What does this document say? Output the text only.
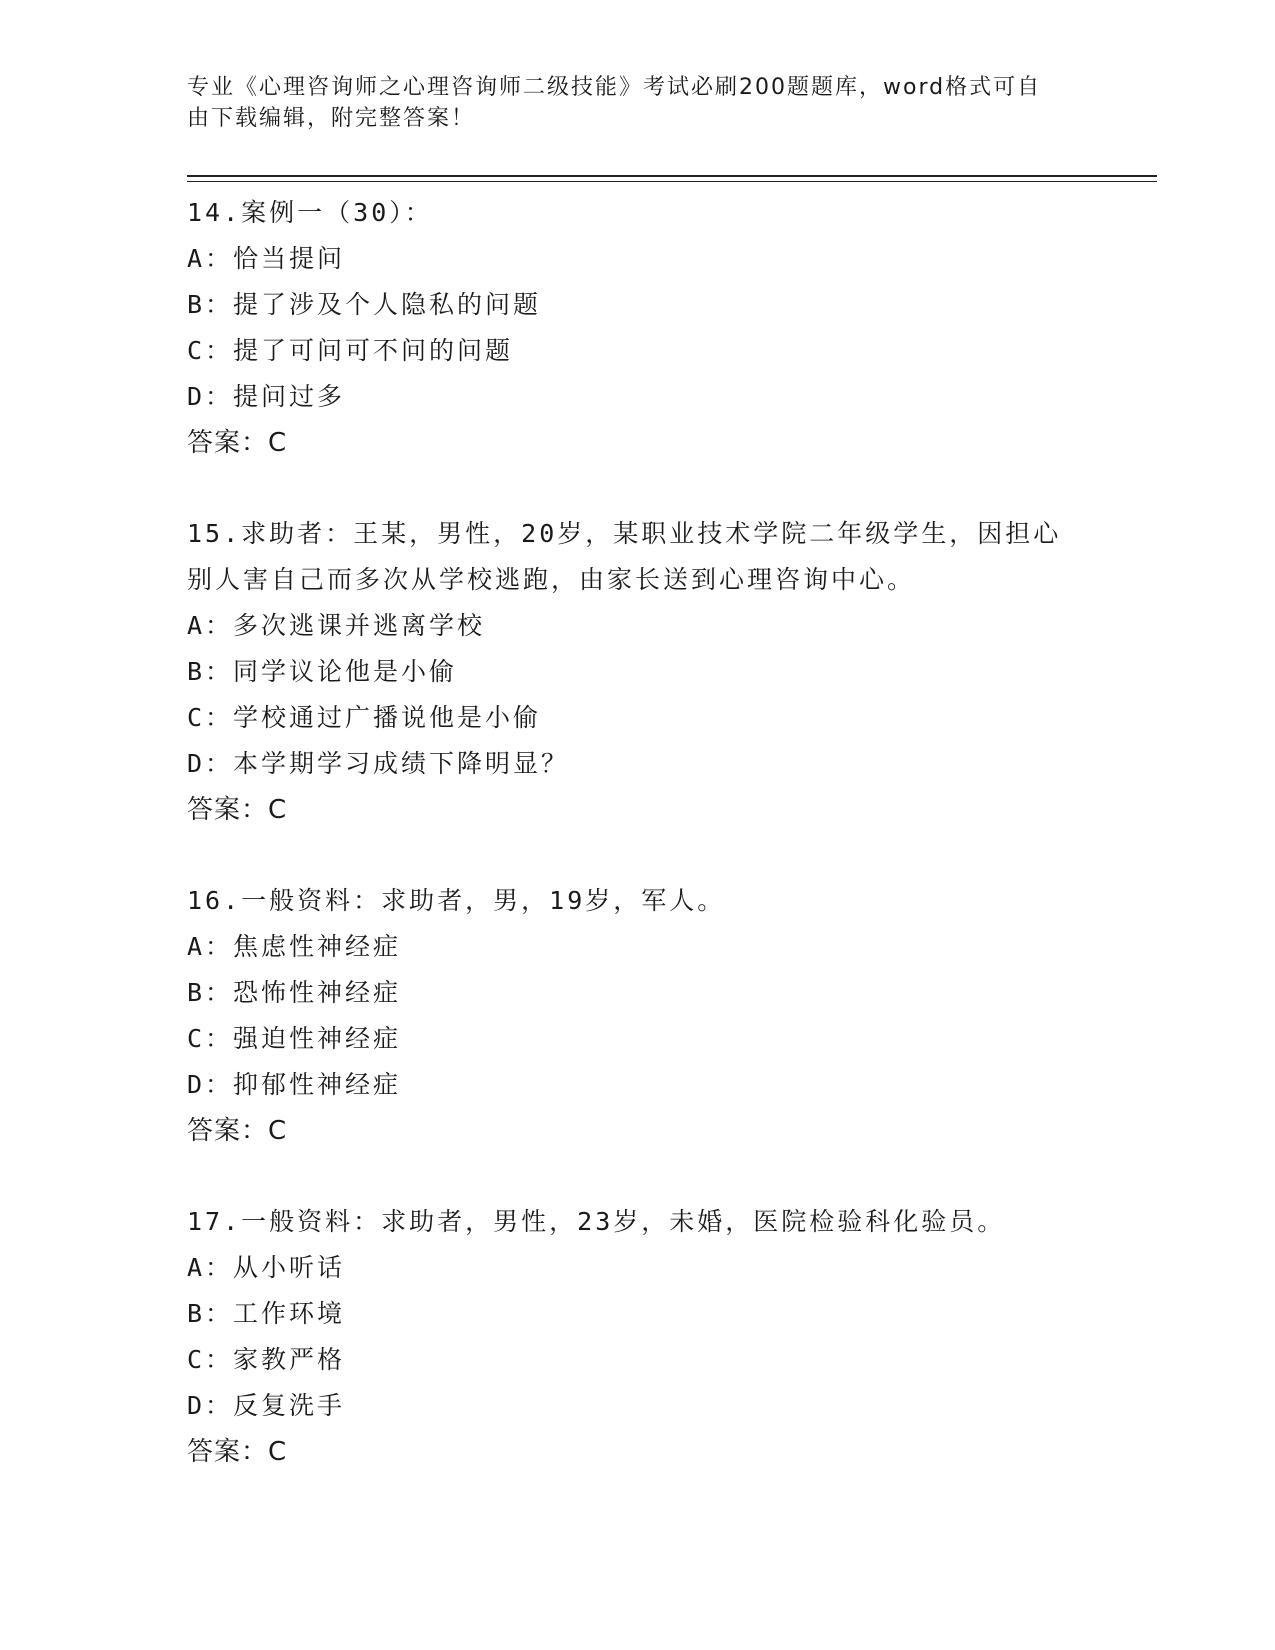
专业《心理咨询师之心理咨询师二级技能》考试必刷200题题库，word格式可自
由下载编辑，附完整答案！
14.案例一（30）：
A：恰当提问
B：提了涉及个人隐私的问题
C：提了可问可不问的问题
D：提问过多
答案：C
15.求助者：王某，男性，20岁，某职业技术学院二年级学生，因担心
别人害自己而多次从学校逃跑，由家长送到心理咨询中心。
A：多次逃课并逃离学校
B：同学议论他是小偷
C：学校通过广播说他是小偷
D：本学期学习成绩下降明显？
答案：C
16.一般资料：求助者，男，19岁，军人。
A：焦虑性神经症
B：恐怖性神经症
C：强迫性神经症
D：抑郁性神经症
答案：C
17.一般资料：求助者，男性，23岁，未婚，医院检验科化验员。
A：从小听话
B：工作环境
C：家教严格
D：反复洗手
答案：C
